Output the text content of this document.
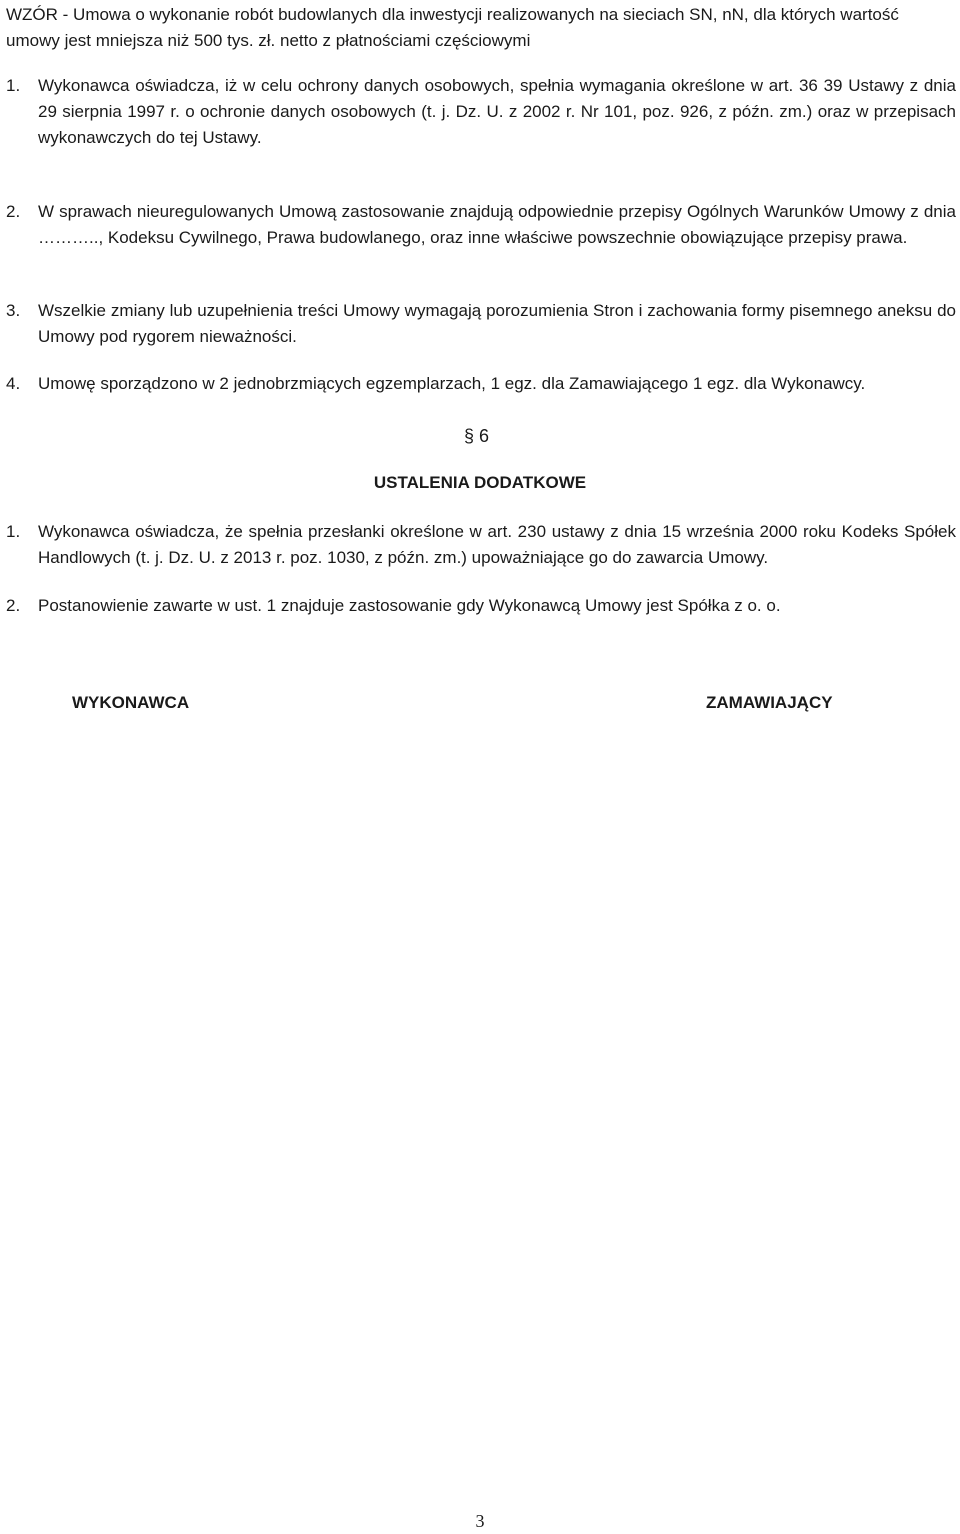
WZÓR - Umowa o wykonanie robót budowlanych dla inwestycji realizowanych na sieciach SN, nN, dla których wartość umowy jest mniejsza niż 500 tys. zł. netto z płatnościami częściowymi

1. Wykonawca oświadcza, iż w celu ochrony danych osobowych, spełnia wymagania określone w art. 36 39 Ustawy z dnia 29 sierpnia 1997 r. o ochronie danych osobowych (t. j. Dz. U. z 2002 r. Nr 101, poz. 926, z późn. zm.) oraz w przepisach wykonawczych do tej Ustawy.
2. W sprawach nieuregulowanych Umową zastosowanie znajdują odpowiednie przepisy Ogólnych Warunków Umowy z dnia ……….., Kodeksu Cywilnego, Prawa budowlanego, oraz inne właściwe powszechnie obowiązujące przepisy prawa.
3. Wszelkie zmiany lub uzupełnienia treści Umowy wymagają porozumienia Stron i zachowania formy pisemnego aneksu do Umowy pod rygorem nieważności.
4. Umowę sporządzono w 2 jednobrzmiących egzemplarzach, 1 egz. dla Zamawiającego 1 egz. dla Wykonawcy.
§ 6
USTALENIA DODATKOWE
1. Wykonawca oświadcza, że spełnia przesłanki określone w art. 230 ustawy z dnia 15 września 2000 roku Kodeks Spółek Handlowych (t. j. Dz. U. z 2013 r. poz. 1030, z późn. zm.) upoważniające go do zawarcia Umowy.
2. Postanowienie zawarte w ust. 1 znajduje zastosowanie gdy Wykonawcą Umowy jest Spółka z o. o.
WYKONAWCA	ZAMAWIAJĄCY
3
